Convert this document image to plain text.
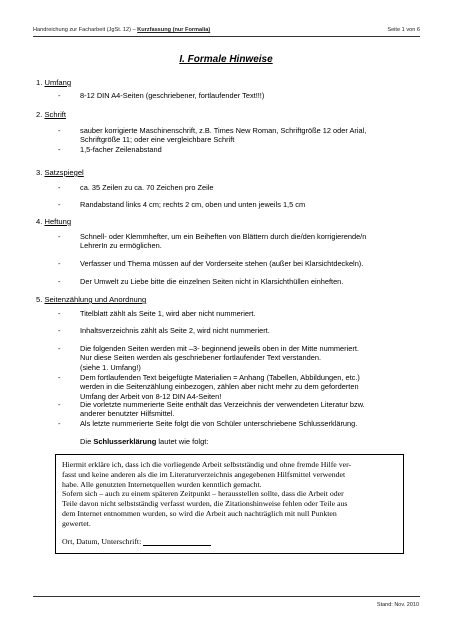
Handreichung zur Facharbeit (JgSt. 12) – Kurzfassung (nur Formalia)	Seite 1 von 6
I. Formale Hinweise
1. Umfang
-	8-12 DIN A4-Seiten (geschriebener, fortlaufender Text!!!)
2. Schrift
-	sauber korrigierte Maschinenschrift, z.B. Times New Roman, Schriftgröße 12 oder Arial,
Schriftgröße 11; oder eine vergleichbare Schrift
-	1,5-facher Zeilenabstand
3. Satzspiegel
-	ca. 35 Zeilen zu ca. 70 Zeichen pro Zeile
-	Randabstand links 4 cm; rechts 2 cm, oben und unten jeweils 1,5 cm
4. Heftung
-	Schnell- oder Klemmhefter, um ein Beiheften von Blättern durch die/den korrigierende/n
LehrerIn zu ermöglichen.
-	Verfasser und Thema müssen auf der Vorderseite stehen (außer bei Klarsichtdeckeln).
-	Der Umwelt zu Liebe bitte die einzelnen Seiten nicht in Klarsichthüllen einheften.
5. Seitenzählung und Anordnung
-	Titelblatt zählt als Seite 1, wird aber nicht nummeriert.
-	Inhaltsverzeichnis zählt als Seite 2, wird nicht nummeriert.
-	Die folgenden Seiten werden mit –3- beginnend jeweils oben in der Mitte nummeriert.
Nur diese Seiten werden als geschriebener fortlaufender Text verstanden.
(siehe 1. Umfang!)
-	Dem fortlaufenden Text beigefügte Materialien = Anhang (Tabellen, Abbildungen, etc.)
werden in die Seitenzählung einbezogen, zählen aber nicht mehr zu dem geforderten
Umfang der Arbeit von 8-12 DIN A4-Seiten!
-	Die vorletzte nummerierte Seite enthält das Verzeichnis der verwendeten Literatur bzw.
anderer benutzter Hilfsmittel.
-	Als letzte nummerierte Seite folgt die von Schüler unterschriebene Schlusserklärung.
Die Schlusserklärung lautet wie folgt:
Hiermit erkläre ich, dass ich die vorliegende Arbeit selbstständig und ohne fremde Hilfe ver-
fasst und keine anderen als die im Literaturverzeichnis angegebenen Hilfsmittel verwendet
habe. Alle genutzten Internetquellen wurden kenntlich gemacht.
Sofern sich – auch zu einem späteren Zeitpunkt – herausstellen sollte, dass die Arbeit oder
Teile davon nicht selbstständig verfasst wurden, die Zitationshinweise fehlen oder Teile aus
dem Internet entnommen wurden, so wird die Arbeit auch nachträglich mit null Punkten
gewertet.
Ort, Datum, Unterschrift:
Stand: Nov. 2010
